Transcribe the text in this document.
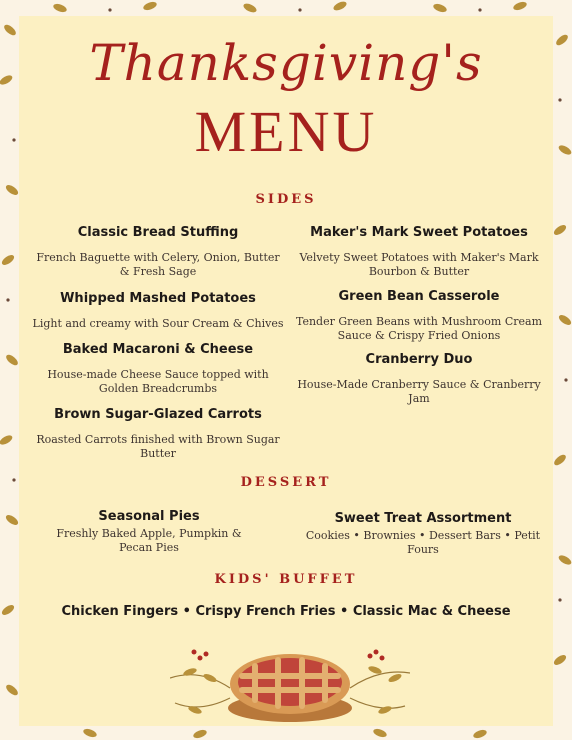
Thanksgiving's
MENU
SIDES
Classic Bread Stuffing
French Baguette with Celery, Onion, Butter & Fresh Sage
Whipped Mashed Potatoes
Light and creamy with Sour Cream & Chives
Baked Macaroni & Cheese
House-made Cheese Sauce topped with Golden Breadcrumbs
Brown Sugar-Glazed Carrots
Roasted Carrots finished with Brown Sugar Butter
Maker's Mark Sweet Potatoes
Velvety Sweet Potatoes with Maker's Mark Bourbon & Butter
Green Bean Casserole
Tender Green Beans with Mushroom Cream Sauce & Crispy Fried Onions
Cranberry Duo
House-Made Cranberry Sauce & Cranberry Jam
DESSERT
Seasonal Pies
Freshly Baked Apple, Pumpkin & Pecan Pies
Sweet Treat Assortment
Cookies • Brownies • Dessert Bars • Petit Fours
KIDS' BUFFET
Chicken Fingers • Crispy French Fries • Classic Mac & Cheese
